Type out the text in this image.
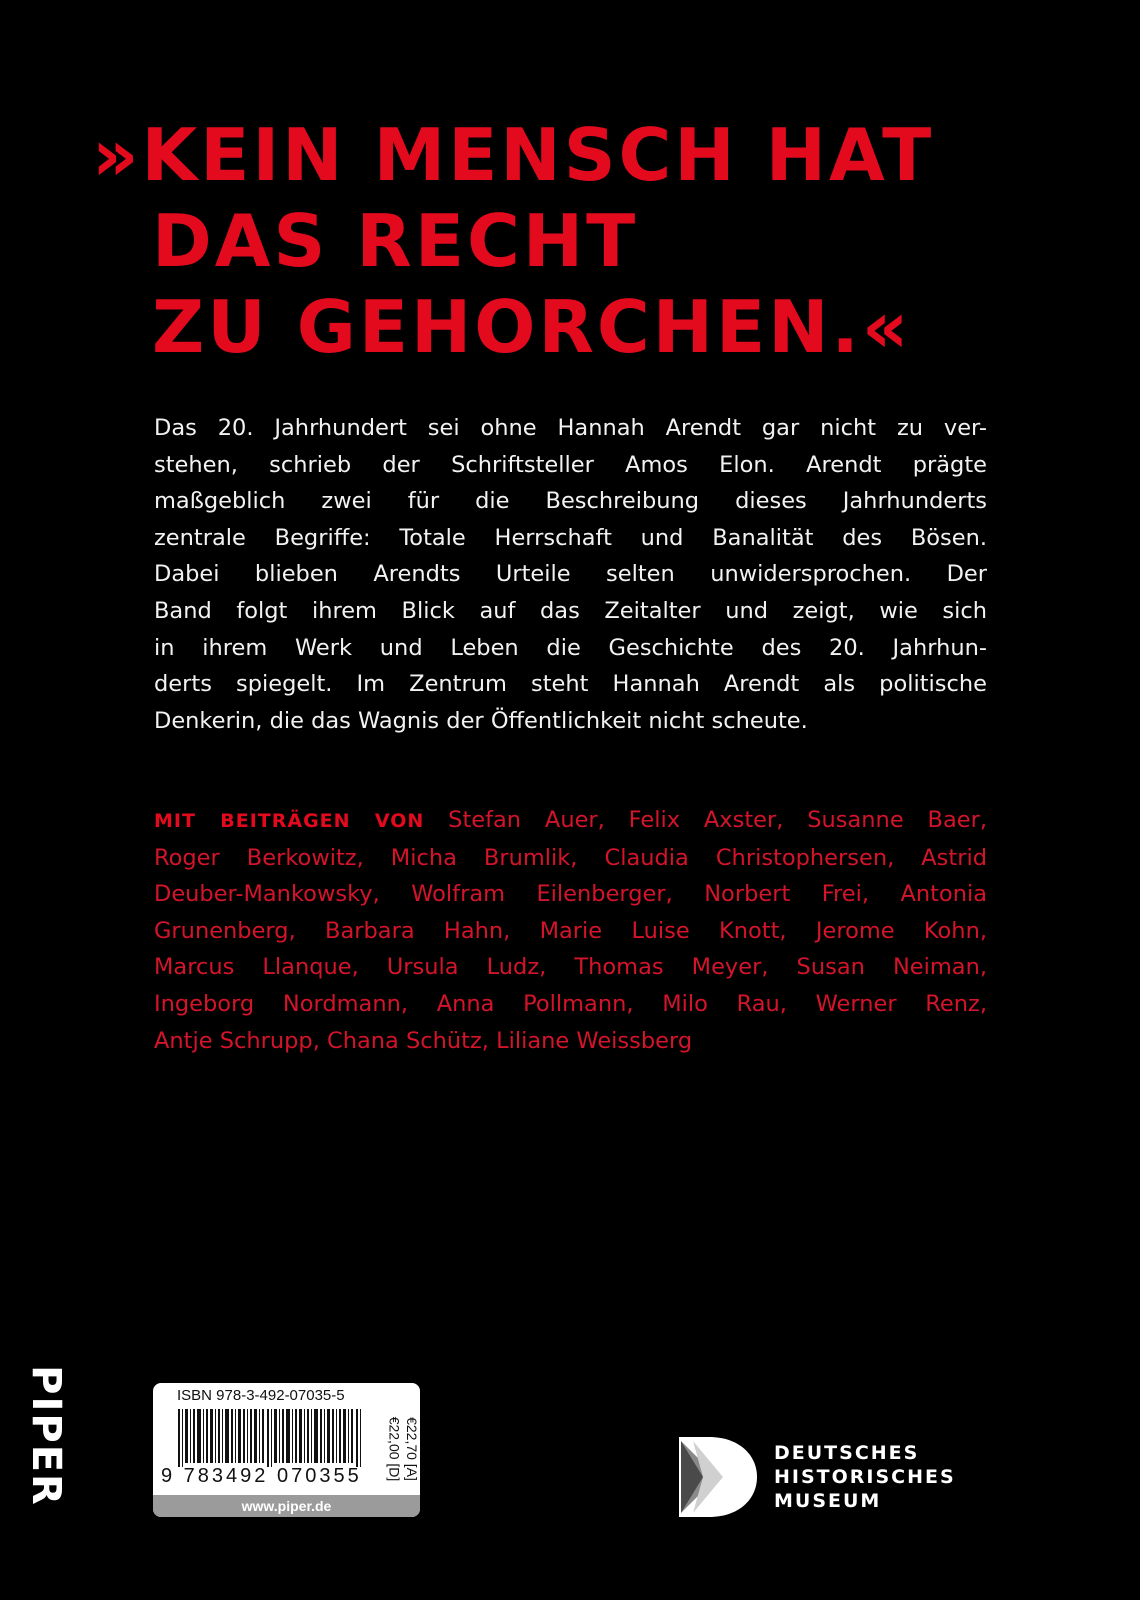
»KEIN MENSCH HAT
DAS RECHT
ZU GEHORCHEN.«
Das 20. Jahrhundert sei ohne Hannah Arendt gar nicht zu ver-
stehen, schrieb der Schriftsteller Amos Elon. Arendt prägte
maßgeblich zwei für die Beschreibung dieses Jahrhunderts
zentrale Begriffe: Totale Herrschaft und Banalität des Bösen.
Dabei blieben Arendts Urteile selten unwidersprochen. Der
Band folgt ihrem Blick auf das Zeitalter und zeigt, wie sich
in ihrem Werk und Leben die Geschichte des 20. Jahrhun-
derts spiegelt. Im Zentrum steht Hannah Arendt als politische
Denkerin, die das Wagnis der Öffentlichkeit nicht scheute.
MIT BEITRÄGEN VON Stefan Auer, Felix Axster, Susanne Baer,
Roger Berkowitz, Micha Brumlik, Claudia Christophersen, Astrid
Deuber-Mankowsky, Wolfram Eilenberger, Norbert Frei, Antonia
Grunenberg, Barbara Hahn, Marie Luise Knott, Jerome Kohn,
Marcus Llanque, Ursula Ludz, Thomas Meyer, Susan Neiman,
Ingeborg Nordmann, Anna Pollmann, Milo Rau, Werner Renz,
Antje Schrupp, Chana Schütz, Liliane Weissberg
PIPER	ISBN 978-3-492-07035-5
9 783492 070355 €22,00 [D] €22,70 [A]
www.piper.de
DEUTSCHES
HISTORISCHES
MUSEUM
